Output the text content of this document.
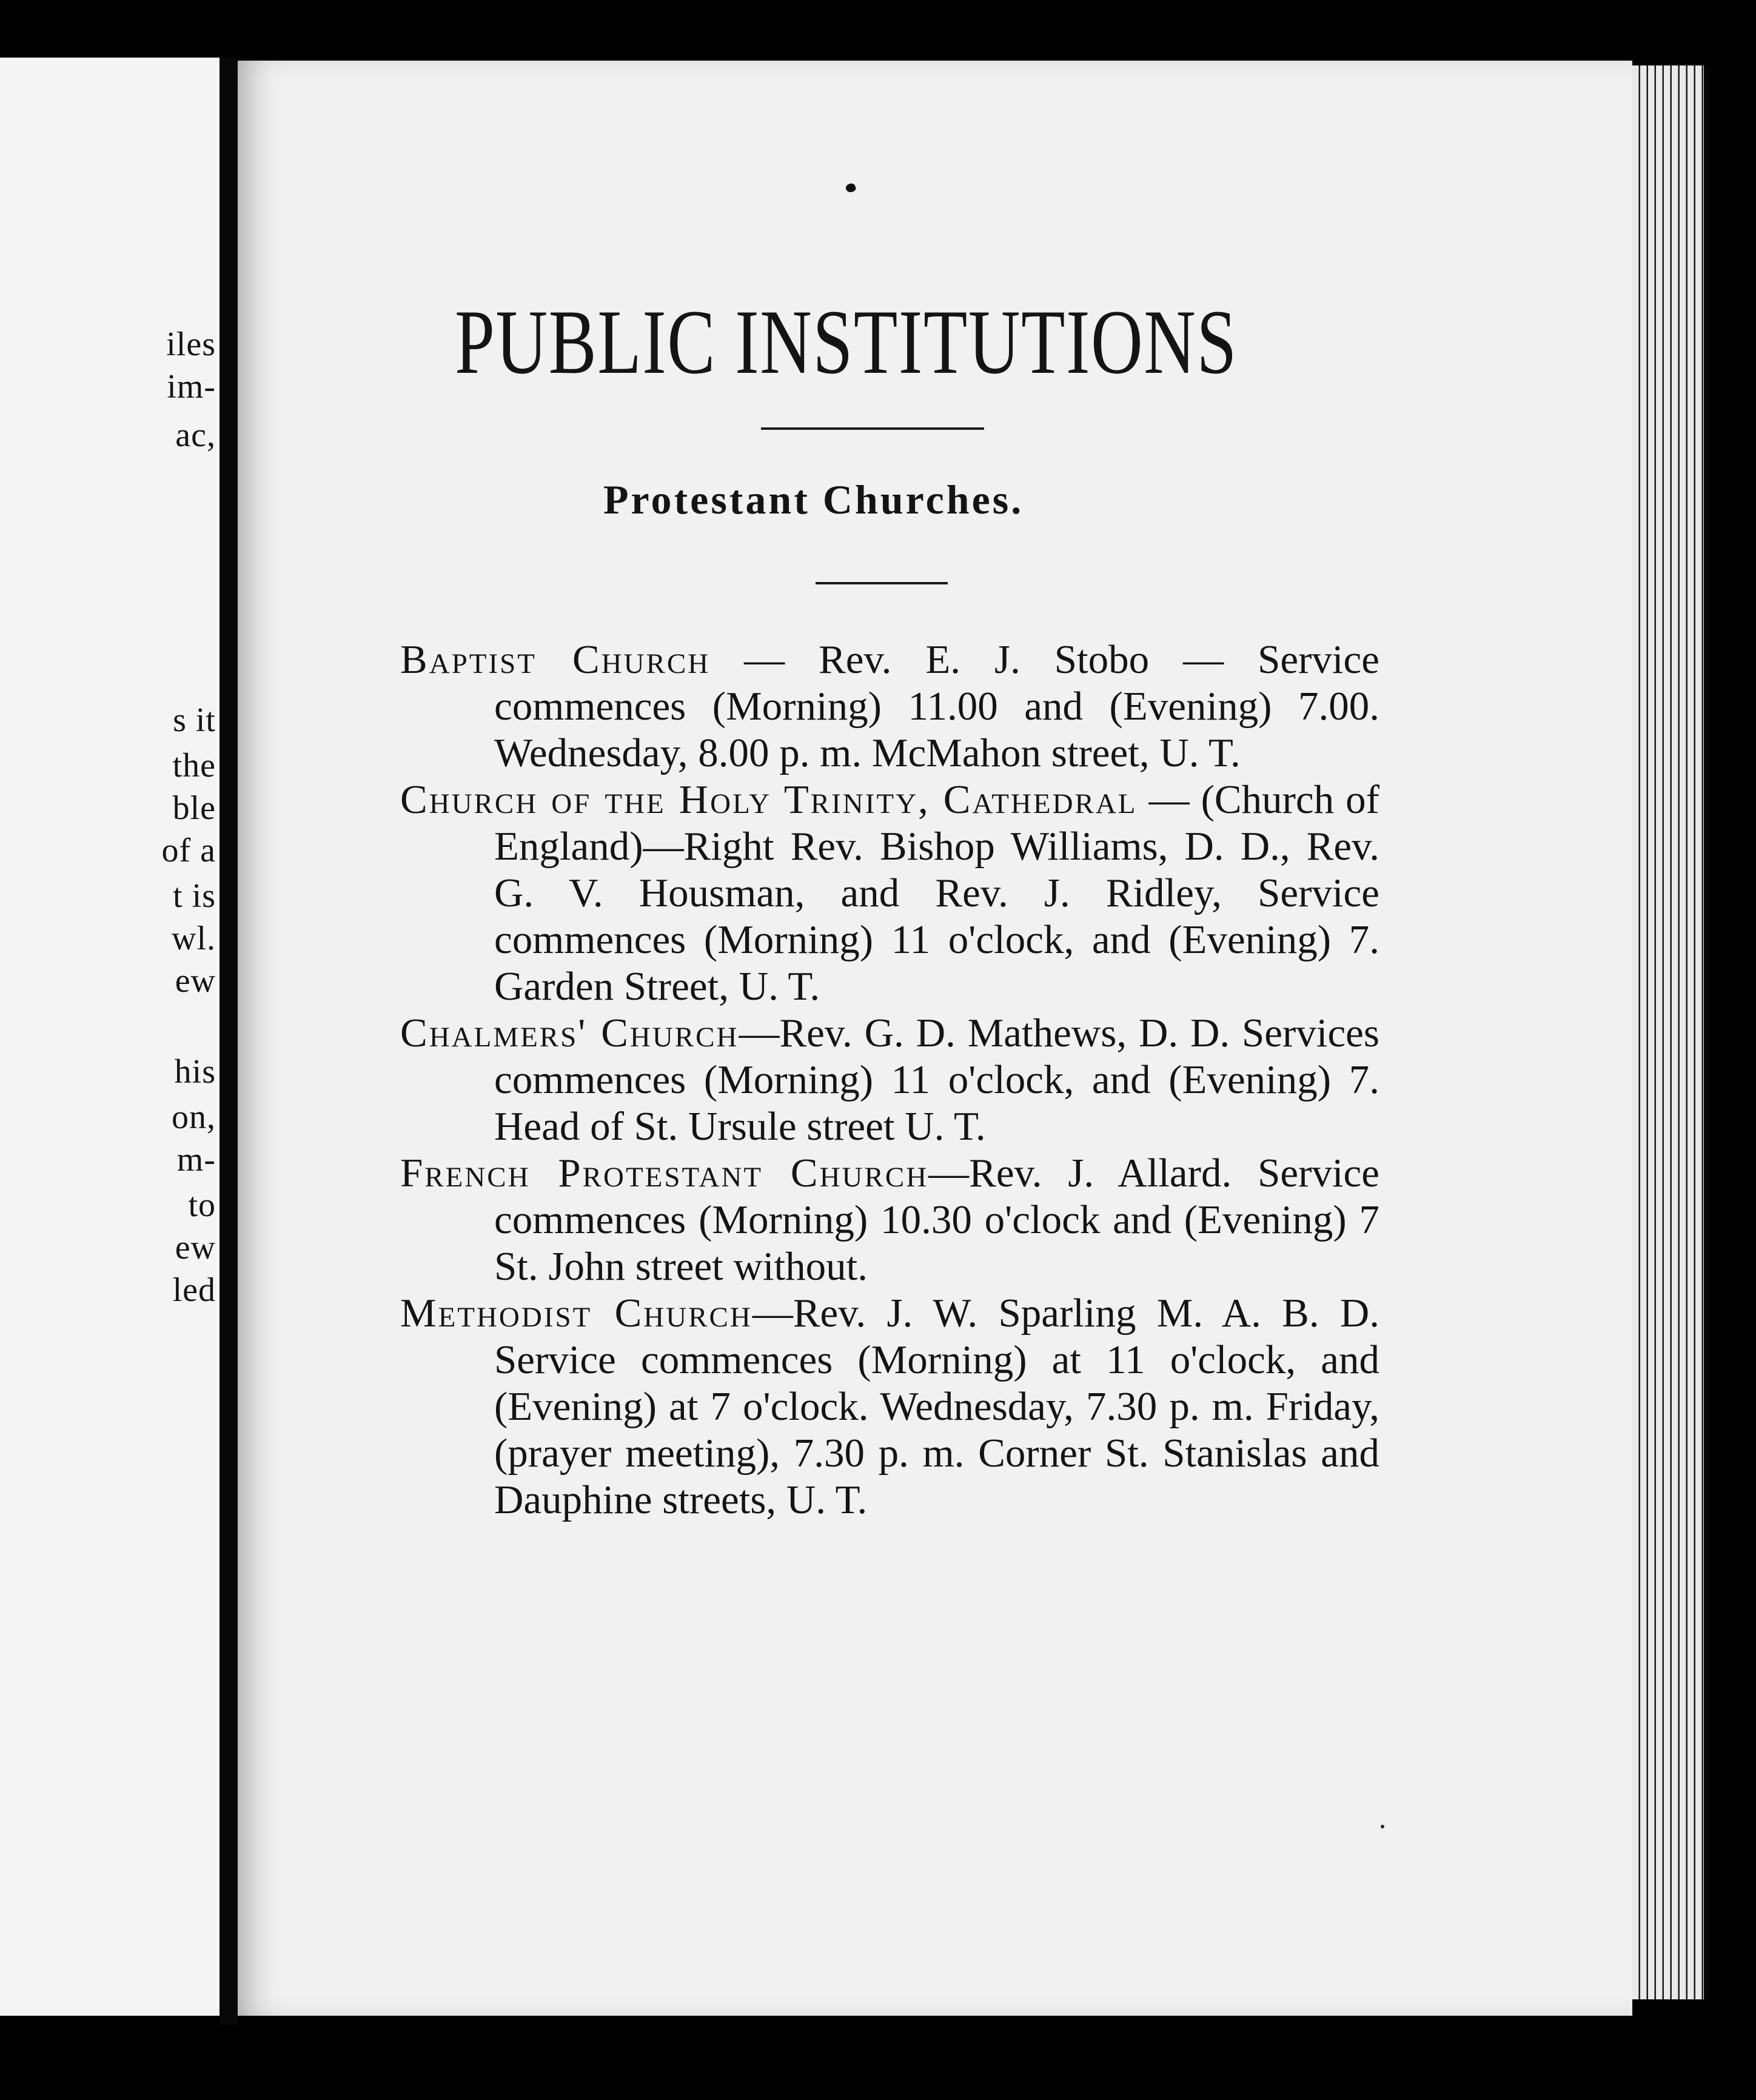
iles
im-
ac,
s it
the
ble
of a
t is
wl.
ew
his
on,
m-
to
ew
led
PUBLIC INSTITUTIONS
Protestant Churches.

Baptist Church — Rev. E. J. Stobo — Service commences (Morning) 11.00 and (Evening) 7.00. Wednesday, 8.00 p. m. McMahon street, U. T.

Church of the Holy Trinity, Cathedral — (Church of England)—Right Rev. Bishop Williams, D. D., Rev. G. V. Housman, and Rev. J. Ridley, Service commences (Morning) 11 o'clock, and (Evening) 7. Garden Street, U. T.

Chalmers' Church—Rev. G. D. Mathews, D. D. Services commences (Morning) 11 o'clock, and (Evening) 7. Head of St. Ursule street U. T.

French Protestant Church—Rev. J. Allard. Service commences (Morning) 10.30 o'clock and (Evening) 7 St. John street without.

Methodist Church—Rev. J. W. Sparling M. A. B. D. Service commences (Morning) at 11 o'clock, and (Evening) at 7 o'clock. Wednesday, 7.30 p. m. Friday, (prayer meeting), 7.30 p. m. Corner St. Stanislas and Dauphine streets, U. T.
